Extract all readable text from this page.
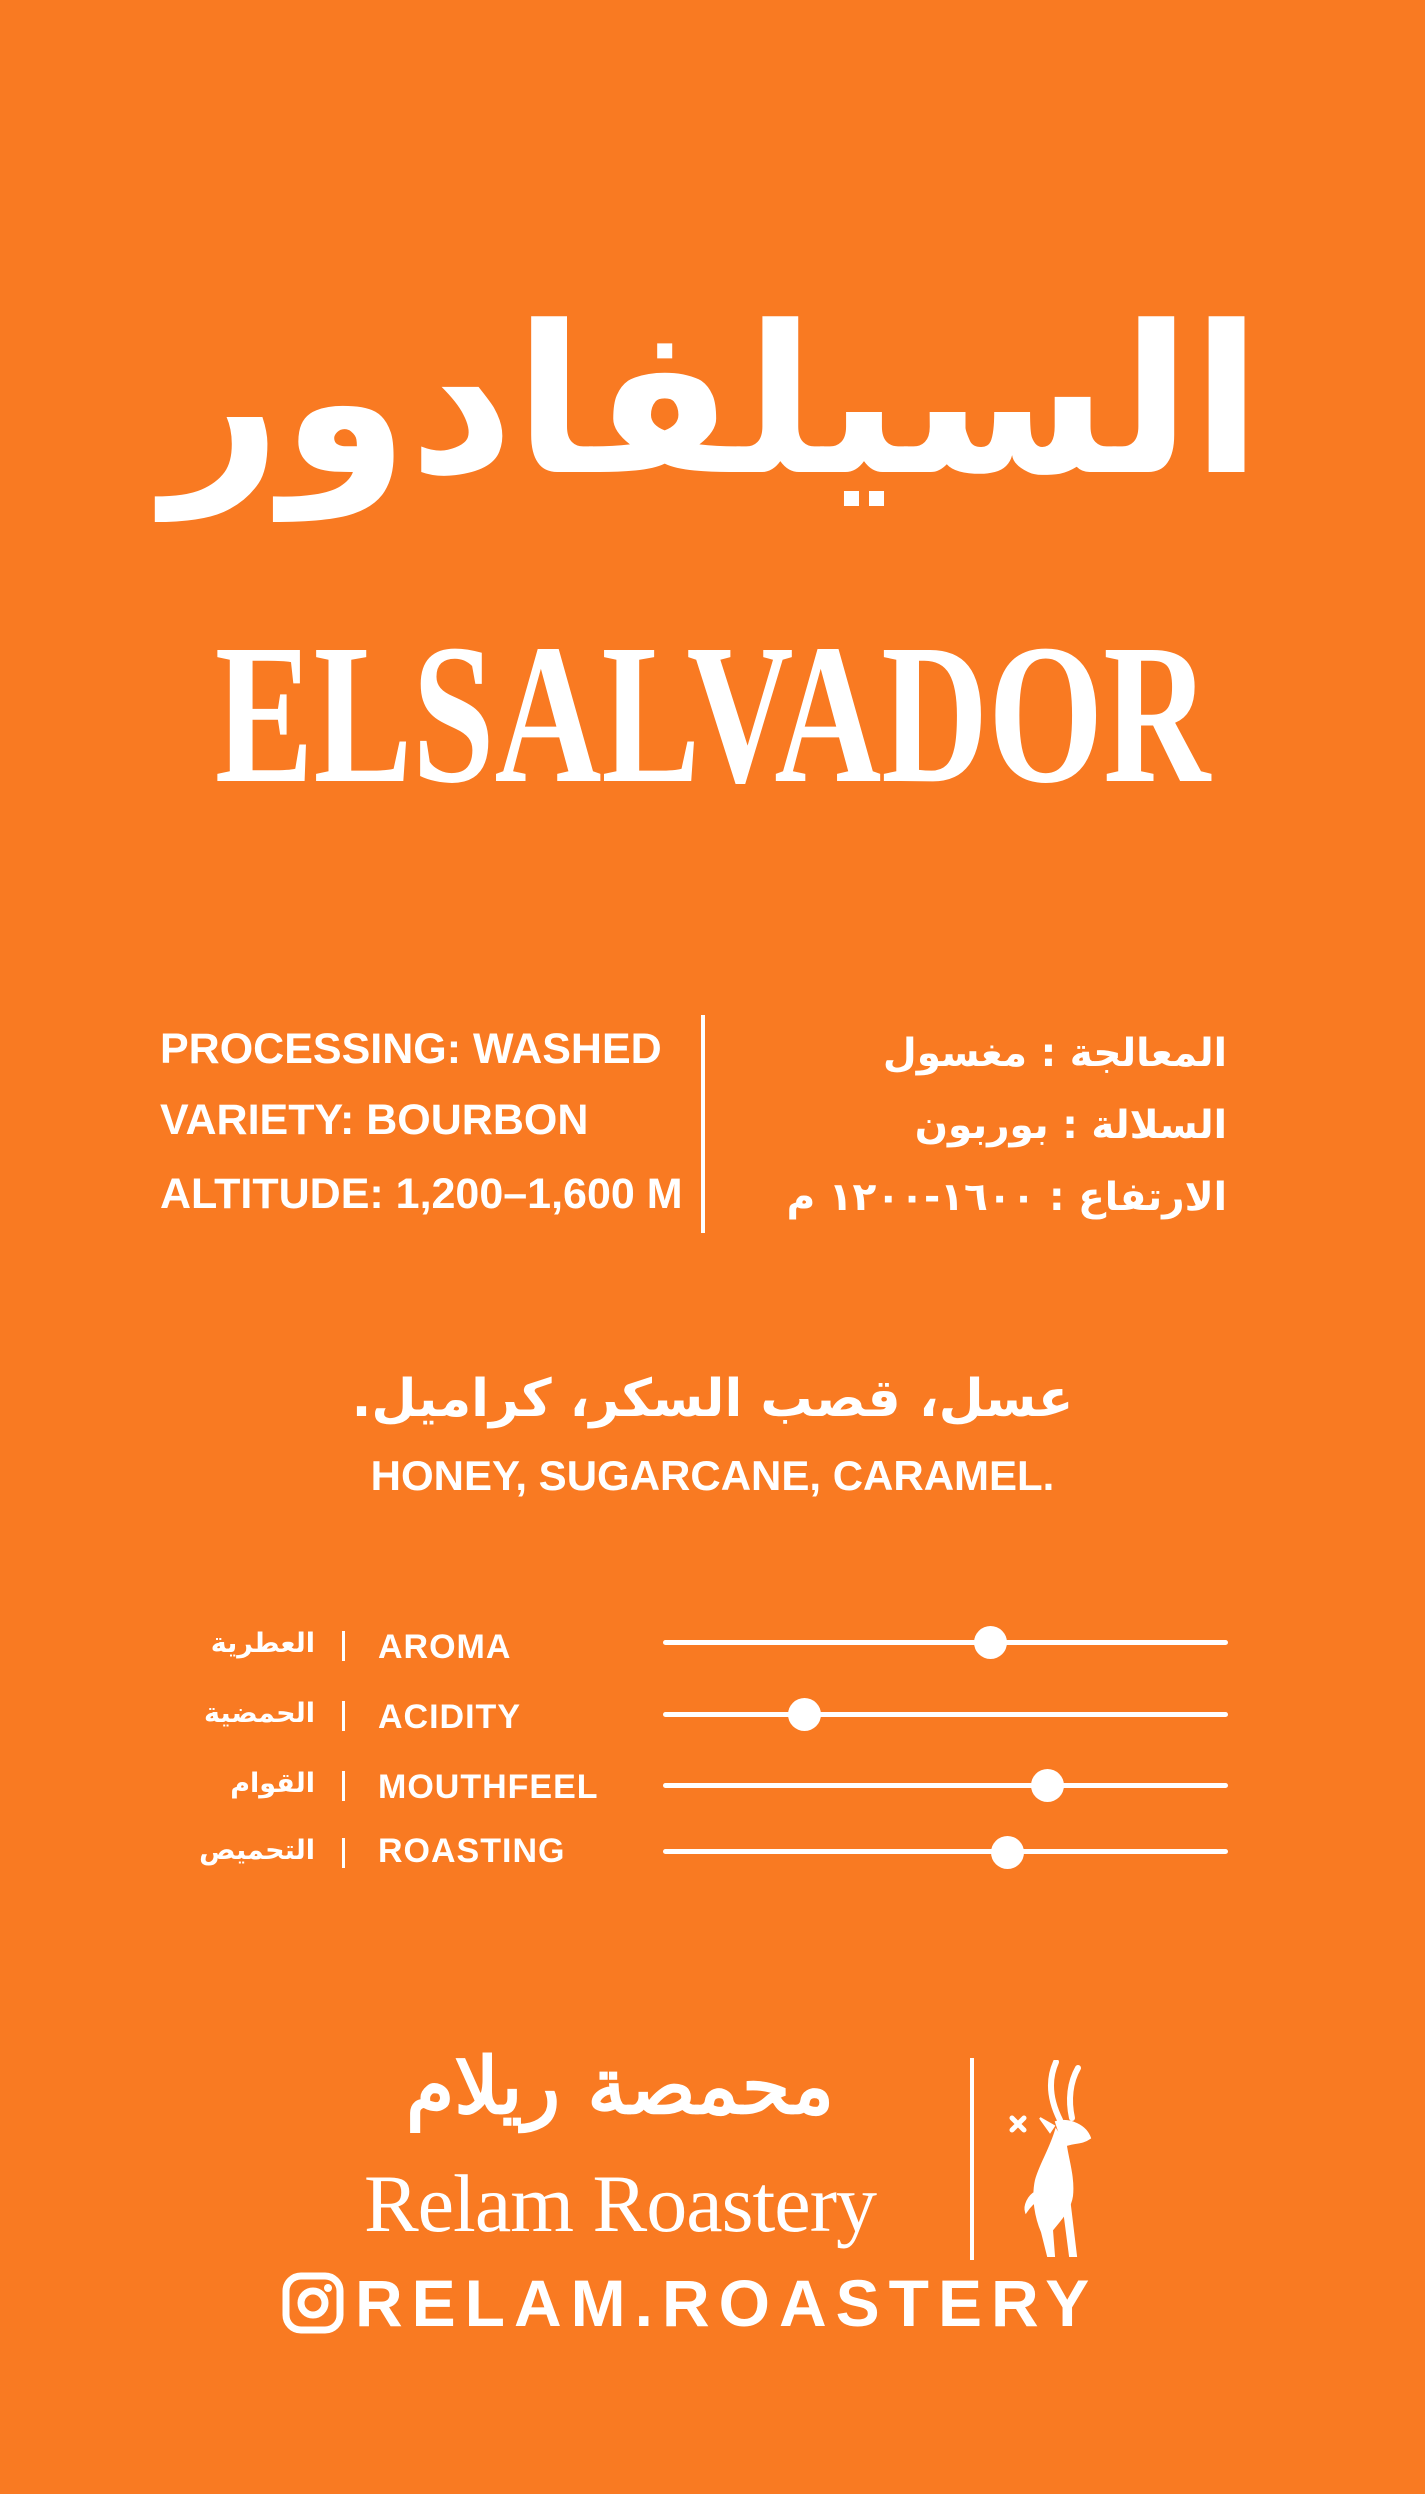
السيلفادور
ELSALVADOR
PROCESSING: WASHED
VARIETY: BOURBON
ALTITUDE: 1,200–1,600 M
المعالجة : مغسول
السلالة : بوربون
الارتفاع : ١٦٠٠-١٢٠٠ م
عسل، قصب السكر، كراميل.
HONEY, SUGARCANE, CARAMEL.
العطرية AROMA
الحمضية ACIDITY
القوام MOUTHFEEL
التحميص ROASTING
محمصة ريلام
Relam Roastery
RELAM.ROASTERY
